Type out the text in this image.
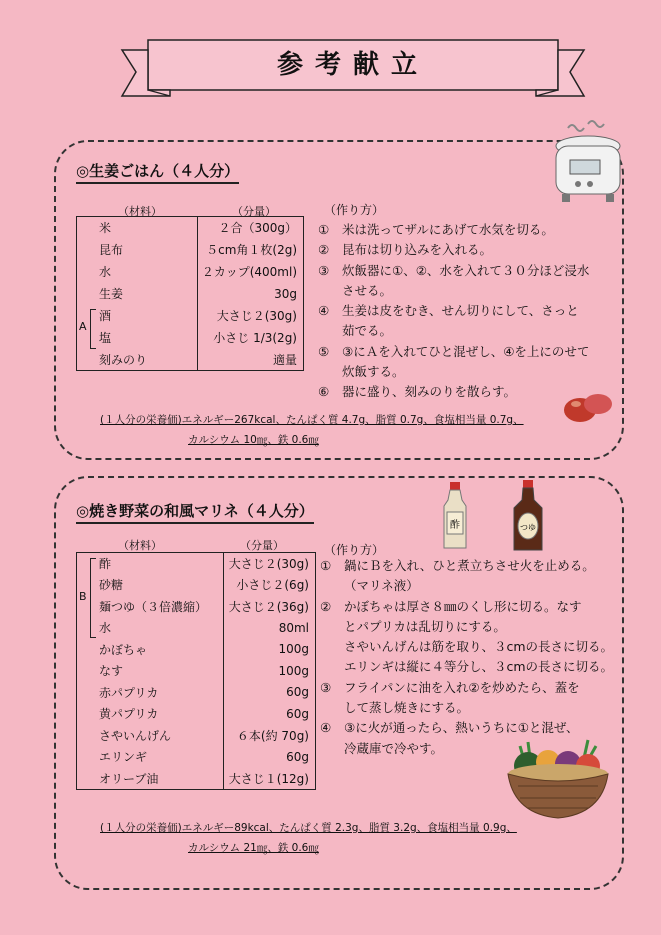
参考献立
◎生姜ごはん（４人分）
（材料）	（分量）	（作り方）
米	２合（300g）
昆布	５cm角１枚(2g)
水	２カップ(400ml)
生姜	30g
酒	大さじ２(30g)
塩	小さじ 1/3(2g)
刻みのり	適量
A
①	米は洗ってザルにあげて水気を切る。
②	昆布は切り込みを入れる。
③	炊飯器に①、②、水を入れて３０分ほど浸水
させる。
④	生姜は皮をむき、せん切りにして、さっと
茹でる。
⑤	③にＡを入れてひと混ぜし、④を上にのせて
炊飯する。
⑥	器に盛り、刻みのりを散らす。
(１人分の栄養価)エネルギー267kcal、たんぱく質 4.7g、脂質 0.7g、食塩相当量 0.7g、
カルシウム 10㎎、鉄 0.6㎎
◎焼き野菜の和風マリネ（４人分）
酢	つゆ
（材料）	（分量）	（作り方）
酢	大さじ２(30g)
砂糖	小さじ２(6g)
麺つゆ（３倍濃縮）	大さじ２(36g)
水	80ml
かぼちゃ	100g
なす	100g
赤パプリカ	60g
黄パプリカ	60g
さやいんげん	６本(約 70g)
エリンギ	60g
オリーブ油	大さじ１(12g)
B
①	鍋にＢを入れ、ひと煮立ちさせ火を止める。
（マリネ液）
②	かぼちゃは厚さ８㎜のくし形に切る。なす
とパプリカは乱切りにする。
さやいんげんは筋を取り、３cmの長さに切る。
エリンギは縦に４等分し、３cmの長さに切る。
③	フライパンに油を入れ②を炒めたら、蓋を
して蒸し焼きにする。
④	③に火が通ったら、熱いうちに①と混ぜ、
冷蔵庫で冷やす。
(１人分の栄養価)エネルギー89kcal、たんぱく質 2.3g、脂質 3.2g、食塩相当量 0.9g、
カルシウム 21㎎、鉄 0.6㎎
